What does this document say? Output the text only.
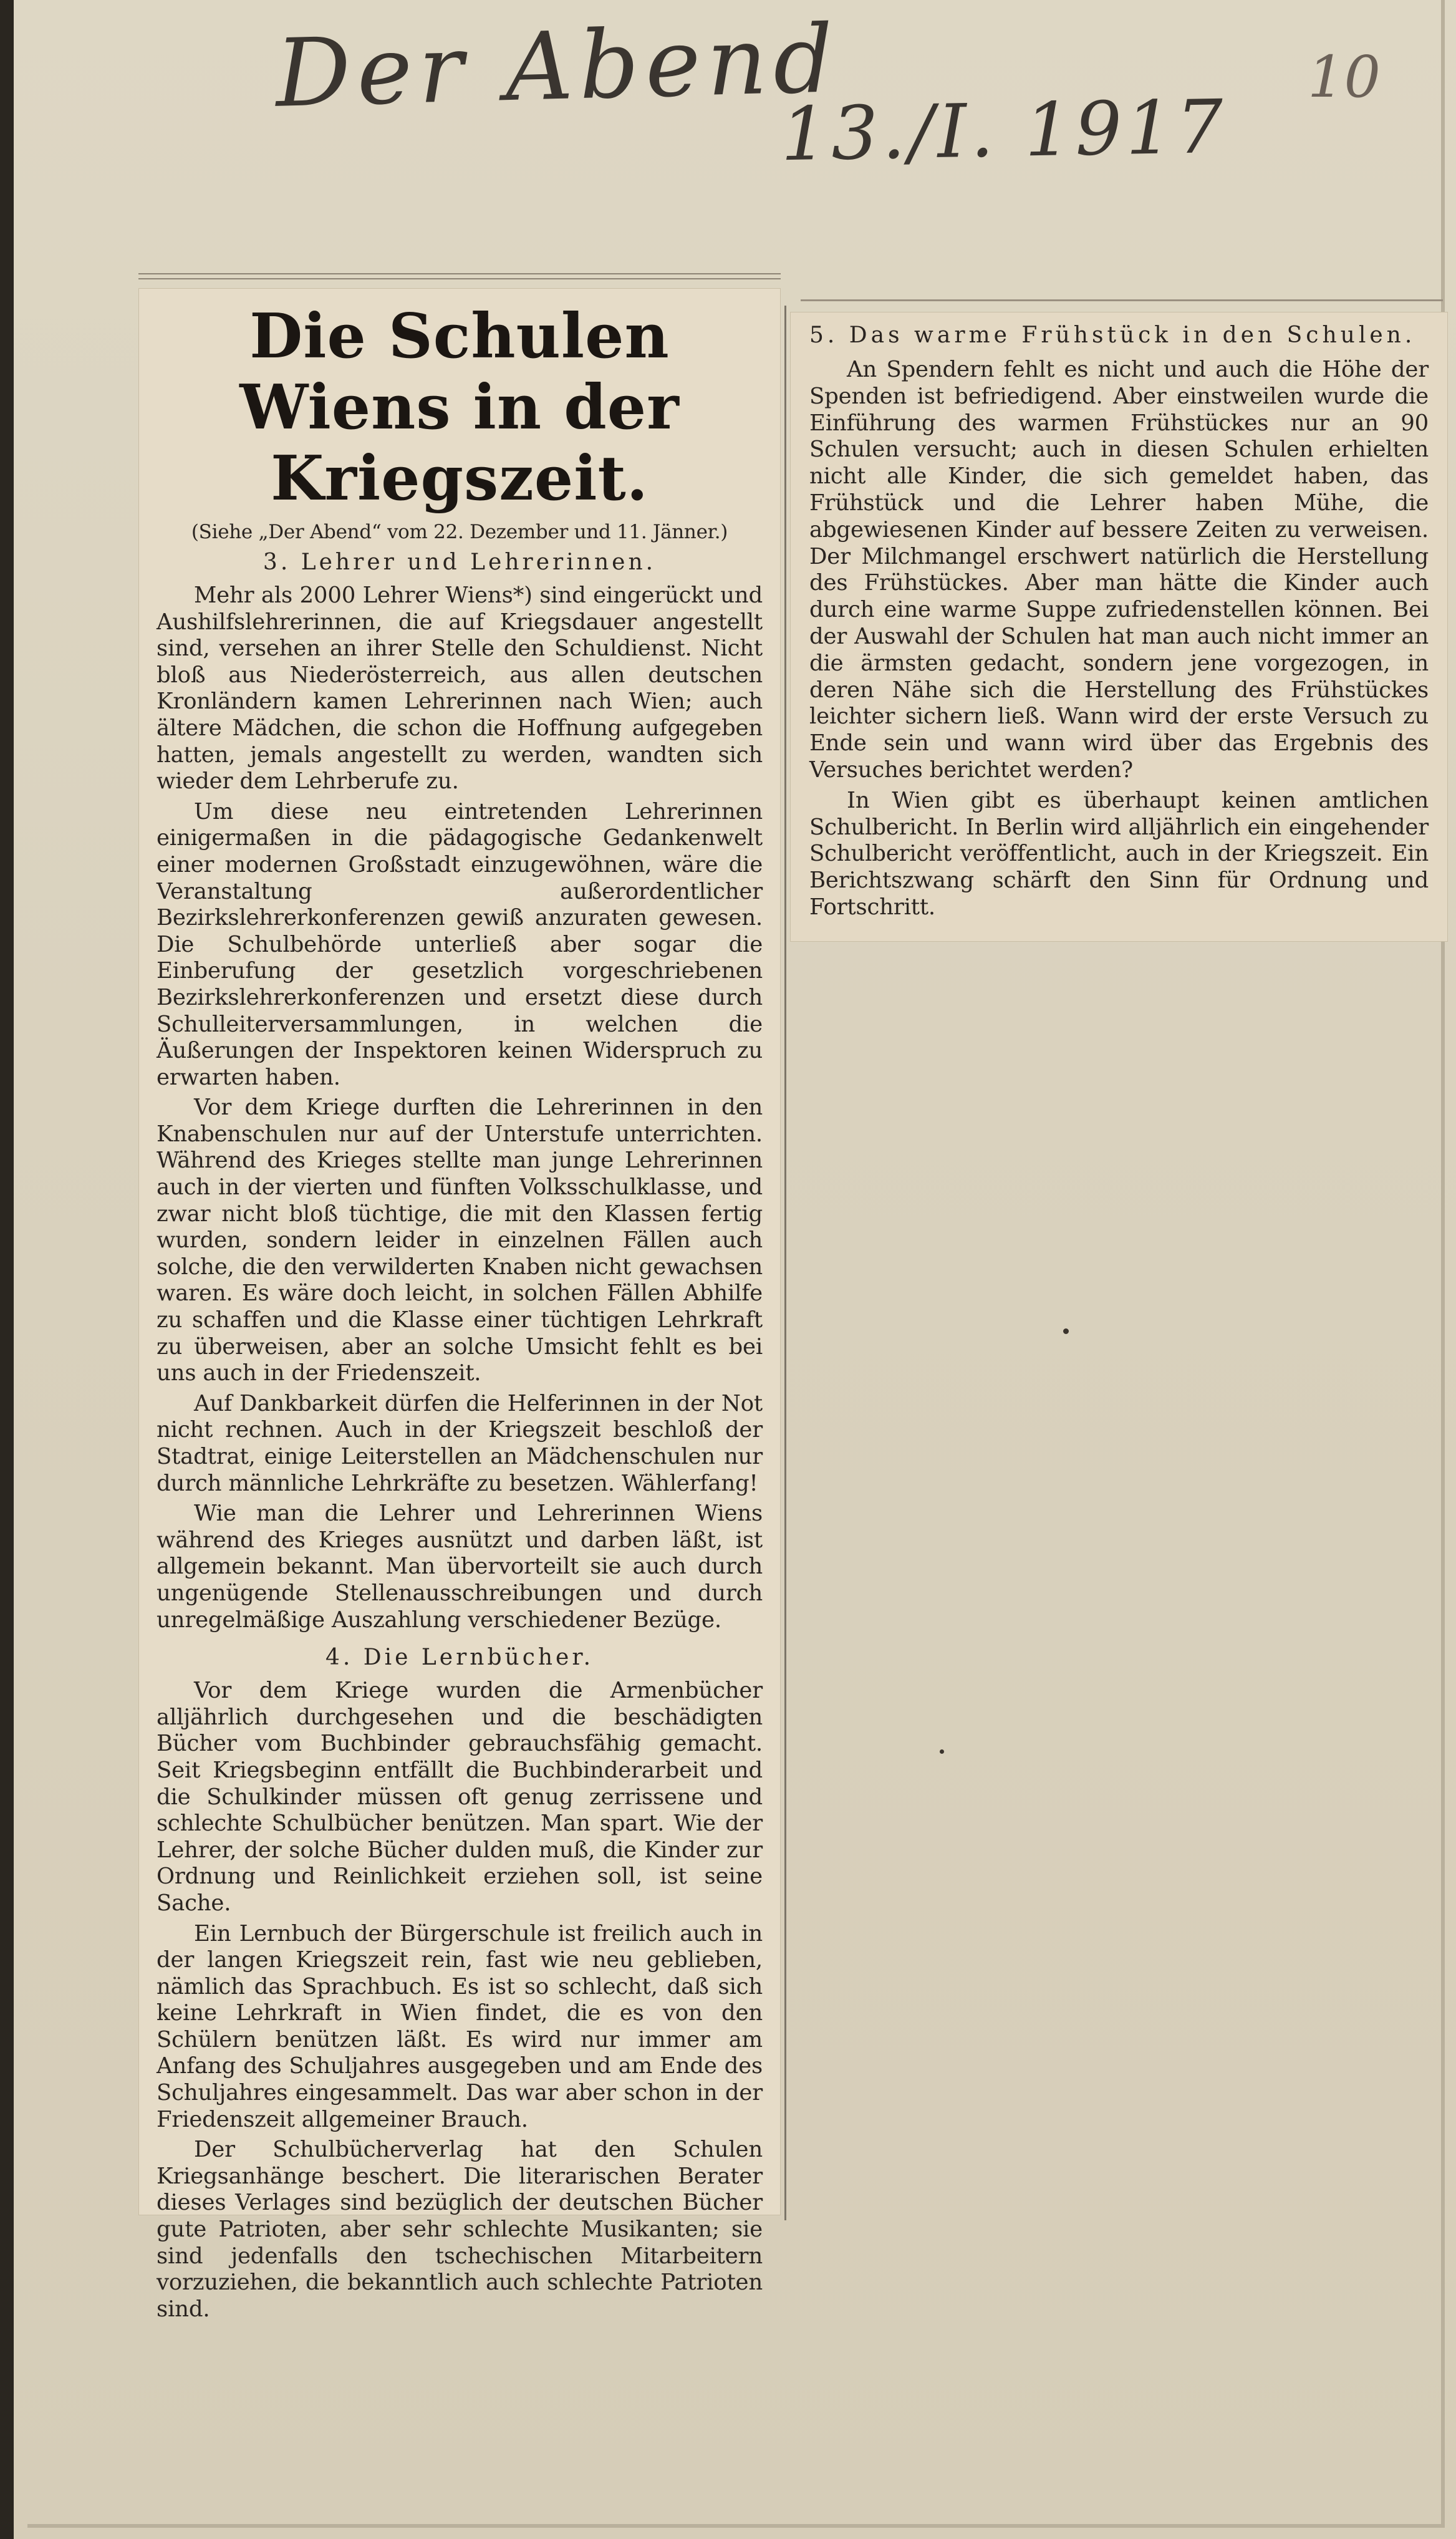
Der Abend
13./I. 1917
10
Die Schulen Wiens in der Kriegszeit.
(Siehe „Der Abend“ vom 22. Dezember und 11. Jänner.)
3. Lehrer und Lehrerinnen.

Mehr als 2000 Lehrer Wiens*) sind eingerückt und Aushilfslehrerinnen, die auf Kriegsdauer angestellt sind, versehen an ihrer Stelle den Schuldienst. Nicht bloß aus Niederösterreich, aus allen deutschen Kronländern kamen Lehrerinnen nach Wien; auch ältere Mädchen, die schon die Hoffnung aufgegeben hatten, jemals angestellt zu werden, wandten sich wieder dem Lehrberufe zu.

Um diese neu eintretenden Lehrerinnen einigermaßen in die pädagogische Gedankenwelt einer modernen Großstadt einzugewöhnen, wäre die Veranstaltung außerordentlicher Bezirkslehrerkonferenzen gewiß anzuraten gewesen. Die Schulbehörde unterließ aber sogar die Einberufung der gesetzlich vorgeschriebenen Bezirkslehrerkonferenzen und ersetzt diese durch Schulleiterversammlungen, in welchen die Äußerungen der Inspektoren keinen Widerspruch zu erwarten haben.

Vor dem Kriege durften die Lehrerinnen in den Knabenschulen nur auf der Unterstufe unterrichten. Während des Krieges stellte man junge Lehrerinnen auch in der vierten und fünften Volksschulklasse, und zwar nicht bloß tüchtige, die mit den Klassen fertig wurden, sondern leider in einzelnen Fällen auch solche, die den verwilderten Knaben nicht gewachsen waren. Es wäre doch leicht, in solchen Fällen Abhilfe zu schaffen und die Klasse einer tüchtigen Lehrkraft zu überweisen, aber an solche Umsicht fehlt es bei uns auch in der Friedenszeit.

Auf Dankbarkeit dürfen die Helferinnen in der Not nicht rechnen. Auch in der Kriegszeit beschloß der Stadtrat, einige Leiterstellen an Mädchenschulen nur durch männliche Lehrkräfte zu besetzen. Wählerfang!

Wie man die Lehrer und Lehrerinnen Wiens während des Krieges ausnützt und darben läßt, ist allgemein bekannt. Man übervorteilt sie auch durch ungenügende Stellenausschreibungen und durch unregelmäßige Auszahlung verschiedener Bezüge.

4. Die Lernbücher.

Vor dem Kriege wurden die Armenbücher alljährlich durchgesehen und die beschädigten Bücher vom Buchbinder gebrauchsfähig gemacht. Seit Kriegsbeginn entfällt die Buchbinderarbeit und die Schulkinder müssen oft genug zerrissene und schlechte Schulbücher benützen. Man spart. Wie der Lehrer, der solche Bücher dulden muß, die Kinder zur Ordnung und Reinlichkeit erziehen soll, ist seine Sache.

Ein Lernbuch der Bürgerschule ist freilich auch in der langen Kriegszeit rein, fast wie neu geblieben, nämlich das Sprachbuch. Es ist so schlecht, daß sich keine Lehrkraft in Wien findet, die es von den Schülern benützen läßt. Es wird nur immer am Anfang des Schuljahres ausgegeben und am Ende des Schuljahres eingesammelt. Das war aber schon in der Friedenszeit allgemeiner Brauch.

Der Schulbücherverlag hat den Schulen Kriegsanhänge beschert. Die literarischen Berater dieses Verlages sind bezüglich der deutschen Bücher gute Patrioten, aber sehr schlechte Musikanten; sie sind jedenfalls den tschechischen Mitarbeitern vorzuziehen, die bekanntlich auch schlechte Patrioten sind.

5. Das warme Frühstück in den Schulen.

An Spendern fehlt es nicht und auch die Höhe der Spenden ist befriedigend. Aber einstweilen wurde die Einführung des warmen Frühstückes nur an 90 Schulen versucht; auch in diesen Schulen erhielten nicht alle Kinder, die sich gemeldet haben, das Frühstück und die Lehrer haben Mühe, die abgewiesenen Kinder auf bessere Zeiten zu verweisen. Der Milchmangel erschwert natürlich die Herstellung des Frühstückes. Aber man hätte die Kinder auch durch eine warme Suppe zufriedenstellen können. Bei der Auswahl der Schulen hat man auch nicht immer an die ärmsten gedacht, sondern jene vorgezogen, in deren Nähe sich die Herstellung des Frühstückes leichter sichern ließ. Wann wird der erste Versuch zu Ende sein und wann wird über das Ergebnis des Versuches berichtet werden?

In Wien gibt es überhaupt keinen amtlichen Schulbericht. In Berlin wird alljährlich ein eingehender Schulbericht veröffentlicht, auch in der Kriegszeit. Ein Berichtszwang schärft den Sinn für Ordnung und Fortschritt.
